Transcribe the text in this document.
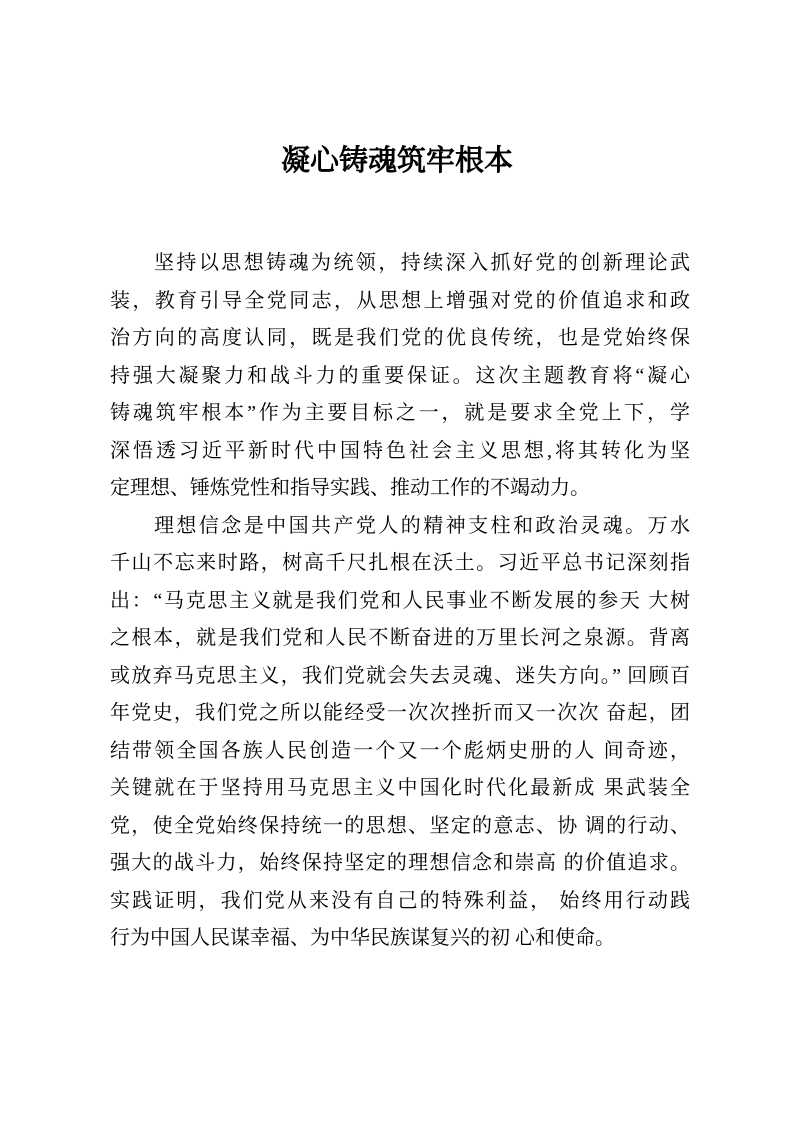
凝心铸魂筑牢根本
坚持以思想铸魂为统领，持续深入抓好党的创新理论武
装，教育引导全党同志，从思想上增强对党的价值追求和政
治方向的高度认同，既是我们党的优良传统，也是党始终保
持强大凝聚力和战斗力的重要保证。这次主题教育将“凝心
铸魂筑牢根本”作为主要目标之一，就是要求全党上下，学
深悟透习近平新时代中国特色社会主义思想,将其转化为坚
定理想、锤炼党性和指导实践、推动工作的不竭动力。
理想信念是中国共产党人的精神支柱和政治灵魂。万水
千山不忘来时路，树高千尺扎根在沃土。习近平总书记深刻指
出：“马克思主义就是我们党和人民事业不断发展的参天 大树
之根本，就是我们党和人民不断奋进的万里长河之泉源。背离
或放弃马克思主义，我们党就会失去灵魂、迷失方向。” 回顾百
年党史，我们党之所以能经受一次次挫折而又一次次 奋起，团
结带领全国各族人民创造一个又一个彪炳史册的人 间奇迹，
关键就在于坚持用马克思主义中国化时代化最新成 果武装全
党，使全党始终保持统一的思想、坚定的意志、协 调的行动、
强大的战斗力，始终保持坚定的理想信念和崇高 的价值追求。
实践证明，我们党从来没有自己的特殊利益， 始终用行动践
行为中国人民谋幸福、为中华民族谋复兴的初 心和使命。
